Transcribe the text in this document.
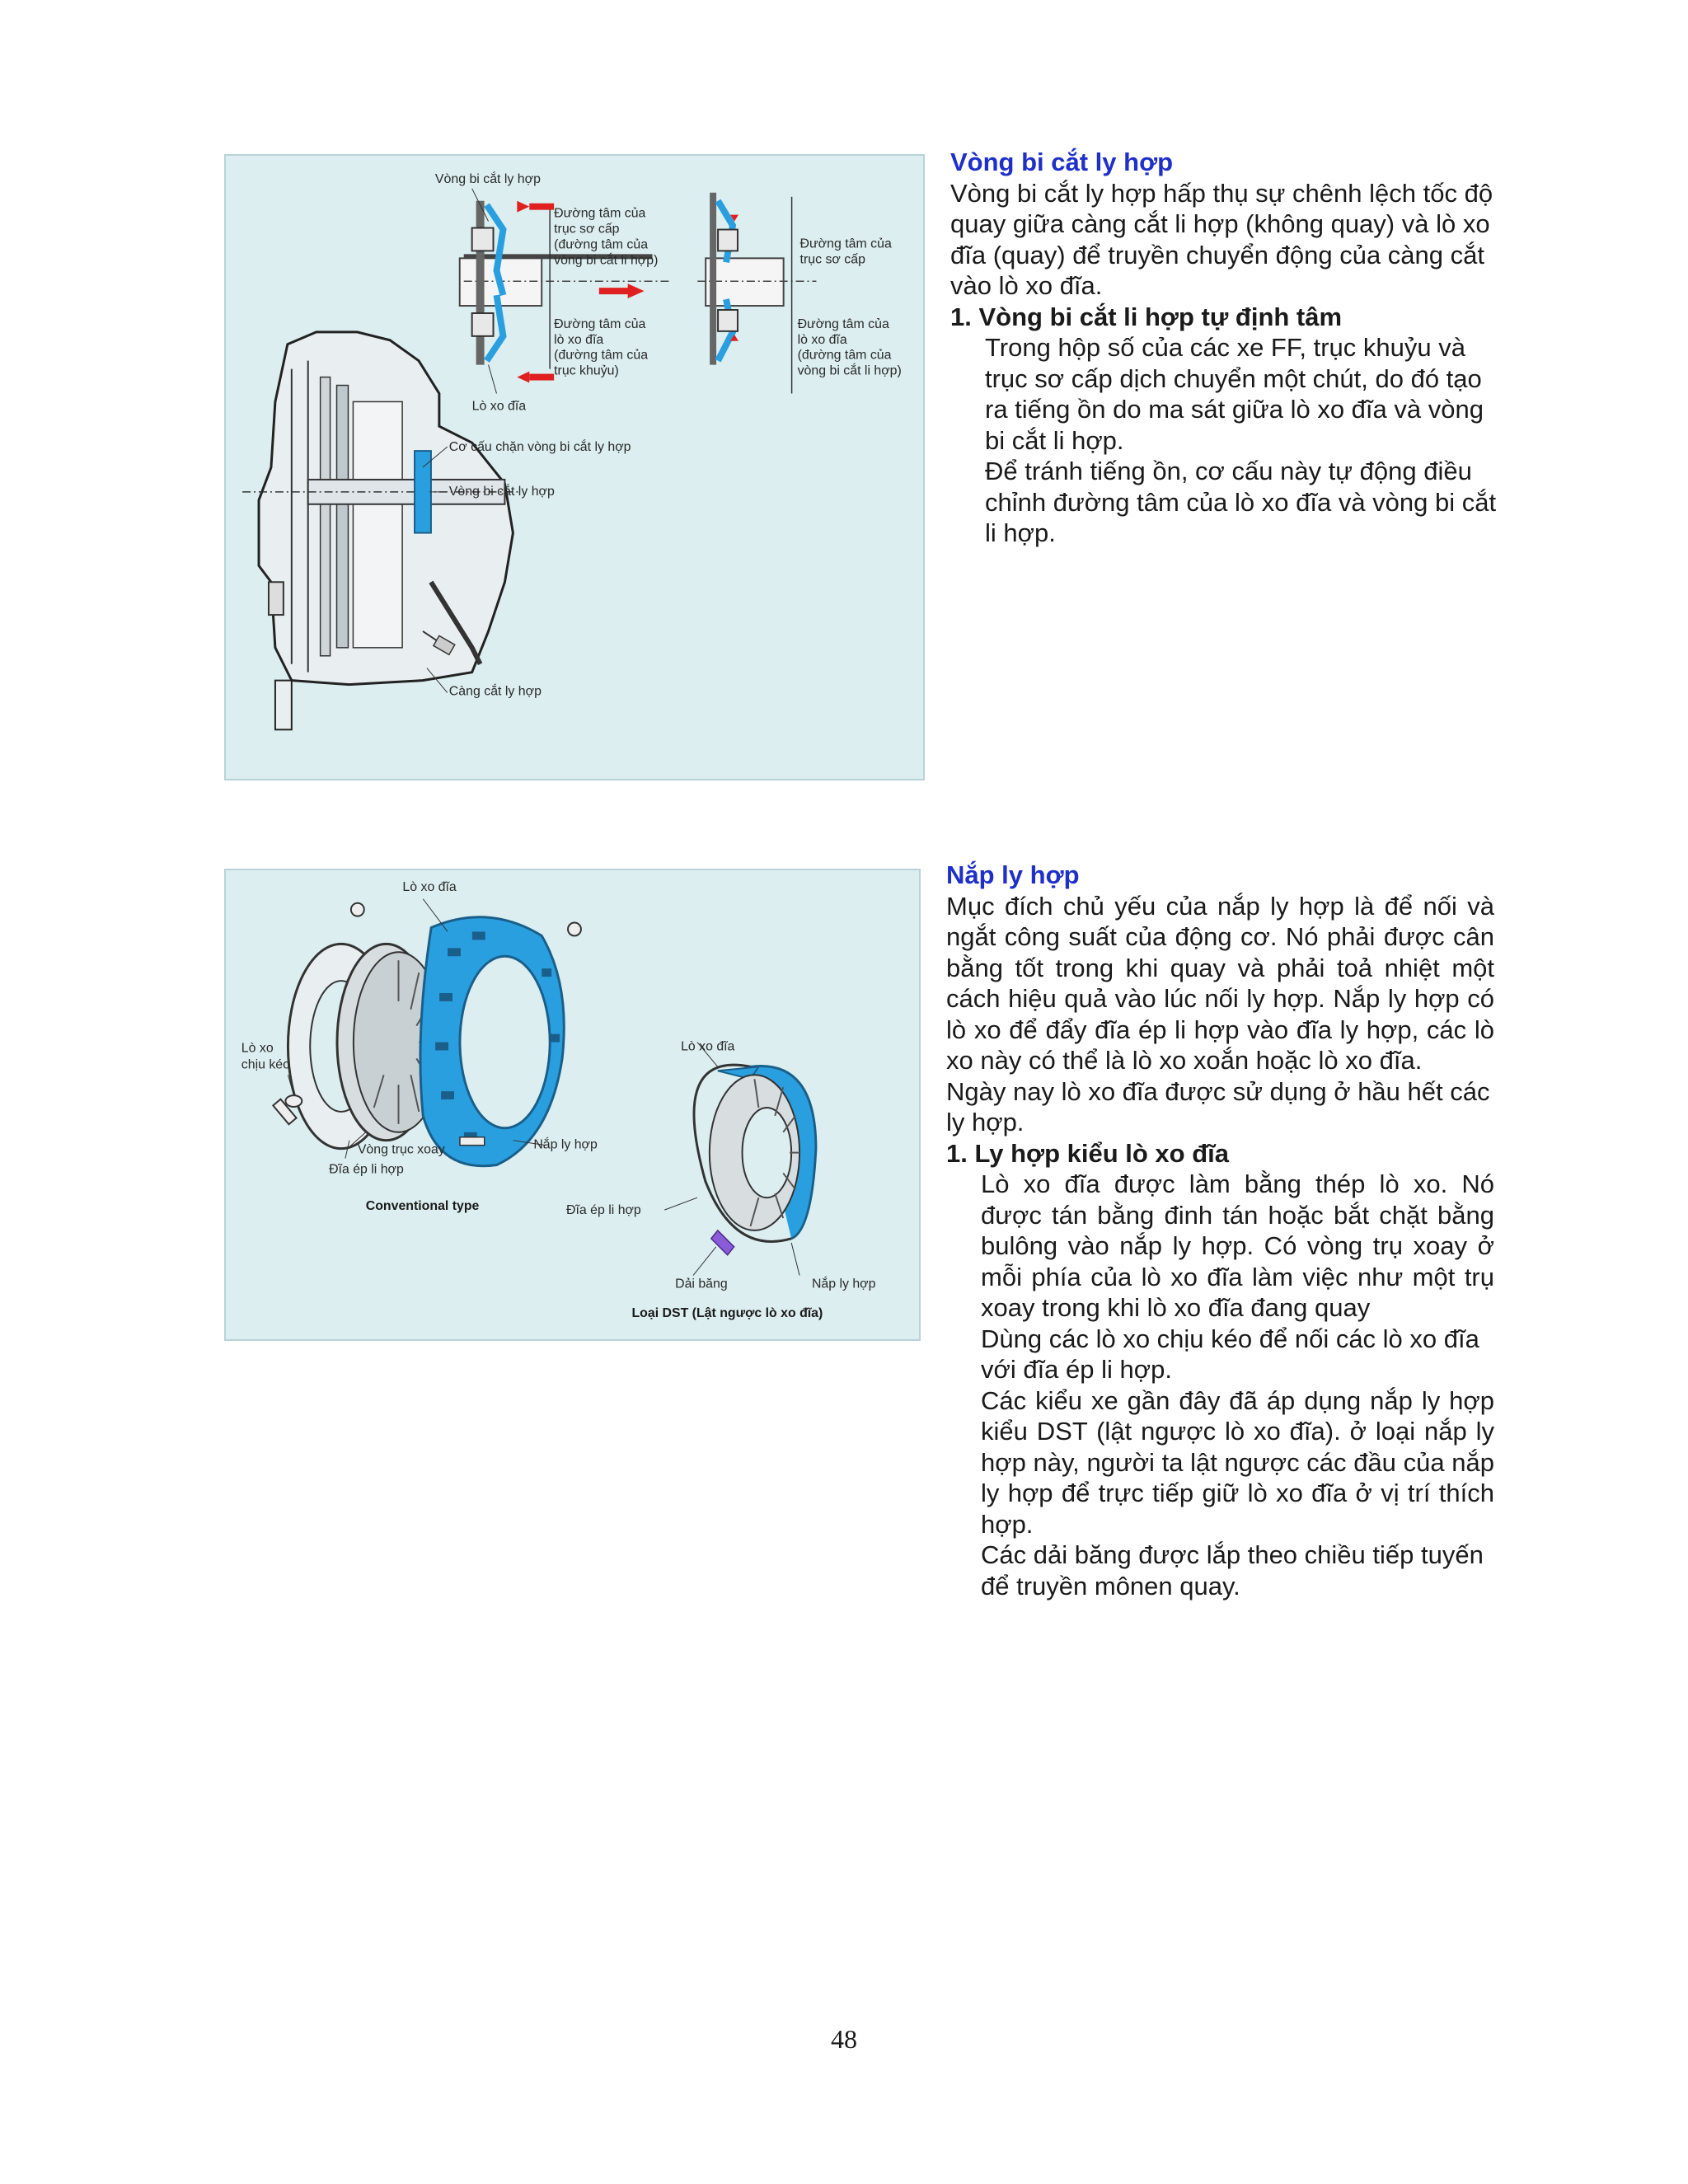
Vòng bi cắt ly hợp
Đường tâm của
trục sơ cấp
(đường tâm của
vòng bi cắt li hợp)
Đường tâm của
lò xo đĩa
(đường tâm của
trục khuỷu)
Đường tâm của
trục sơ cấp
Đường tâm của
lò xo đĩa
(đường tâm của
vòng bi cắt li hợp)
Lò xo đĩa
Cơ cấu chặn vòng bi cắt ly hợp
Vòng bi cắt ly hợp
Càng cắt ly hợp
Lò xo đĩa
Lò xo
chịu kéo
Vòng trục xoay
Đĩa ép li hợp
Nắp ly hợp
Conventional type
Lò xo đĩa
Đĩa ép li hợp
Dải băng	Nắp ly hợp
Loại DST (Lật ngược lò xo đĩa)

Vòng bi cắt ly hợp

Vòng bi cắt ly hợp hấp thụ sự chênh lệch tốc độ quay giữa càng cắt li hợp (không quay) và lò xo đĩa (quay) để truyền chuyển động của càng cắt vào lò xo đĩa.

1. Vòng bi cắt li hợp tự định tâm

Trong hộp số của các xe FF, trục khuỷu và trục sơ cấp dịch chuyển một chút, do đó tạo ra tiếng ồn do ma sát giữa lò xo đĩa và vòng bi cắt li hợp.

Để tránh tiếng ồn, cơ cấu này tự động điều chỉnh đường tâm của lò xo đĩa và vòng bi cắt li hợp.

Nắp ly hợp

Mục đích chủ yếu của nắp ly hợp là để nối và ngắt công suất của động cơ. Nó phải được cân bằng tốt trong khi quay và phải toả nhiệt một cách hiệu quả vào lúc nối ly hợp. Nắp ly hợp có lò xo để đẩy đĩa ép li hợp vào đĩa ly hợp, các lò xo này có thể là lò xo xoắn hoặc lò xo đĩa.

Ngày nay lò xo đĩa được sử dụng ở hầu hết các ly hợp.

1. Ly hợp kiểu lò xo đĩa

Lò xo đĩa được làm bằng thép lò xo. Nó được tán bằng đinh tán hoặc bắt chặt bằng bulông vào nắp ly hợp. Có vòng trụ xoay ở mỗi phía của lò xo đĩa làm việc như một trụ xoay trong khi lò xo đĩa đang quay

Dùng các lò xo chịu kéo để nối các lò xo đĩa với đĩa ép li hợp.

Các kiểu xe gần đây đã áp dụng nắp ly hợp kiểu DST (lật ngược lò xo đĩa). ở loại nắp ly hợp này, người ta lật ngược các đầu của nắp ly hợp để trực tiếp giữ lò xo đĩa ở vị trí thích hợp.

Các dải băng được lắp theo chiều tiếp tuyến để truyền mônen quay.

48
